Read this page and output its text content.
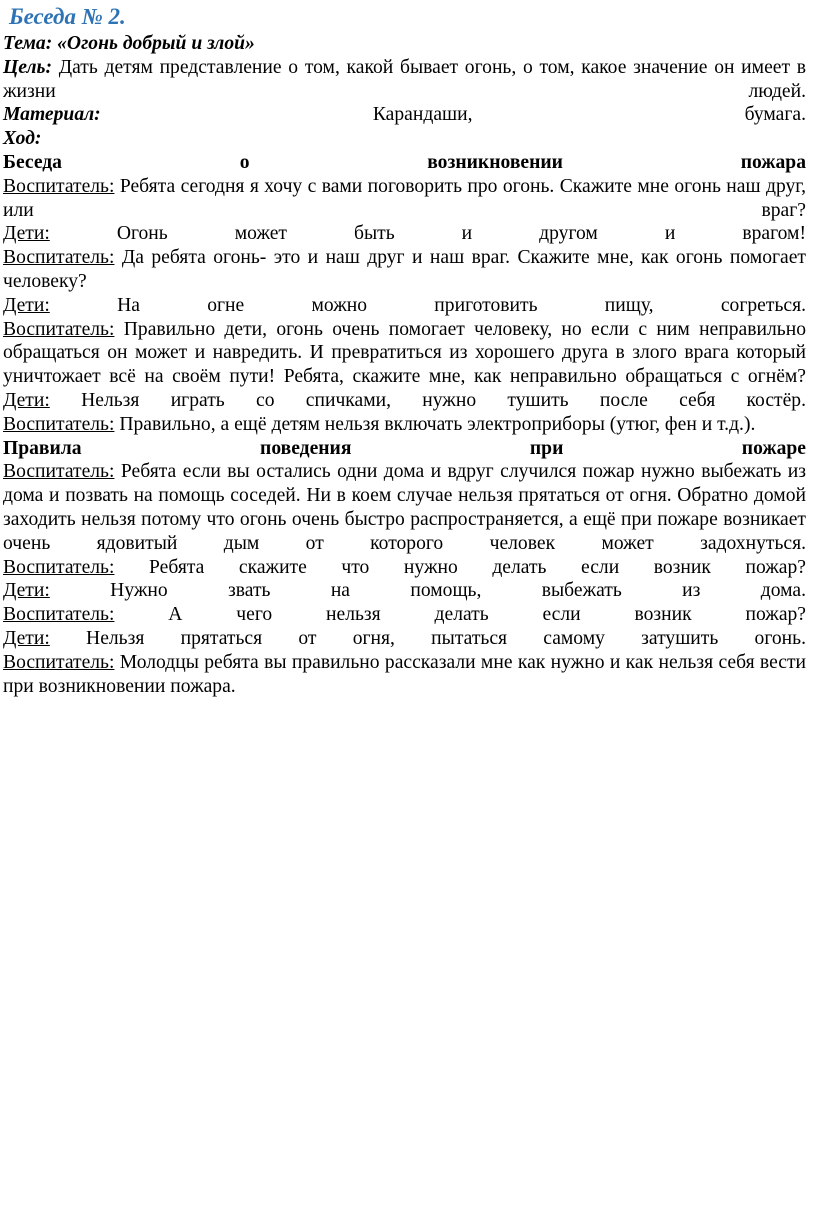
Беседа № 2.

Тема: «Огонь добрый и злой»

Цель: Дать детям представление о том, какой бывает огонь, о том, какое значение он имеет в жизни людей.

Материал:	Карандаши, бумага.

Ход:

Беседа о возникновении пожара

Воспитатель: Ребята сегодня я хочу с вами поговорить про огонь. Скажите мне огонь наш друг, или враг?

Дети:	Огонь может быть и другом и врагом!

Воспитатель: Да ребята огонь- это и наш друг и наш враг. Скажите мне, как огонь помогает человеку?

Дети:	На огне можно приготовить пищу, согреться.

Воспитатель: Правильно дети, огонь очень помогает человеку, но если с ним неправильно обращаться он может и навредить. И превратиться из хорошего друга в злого врага который уничтожает всё на своём пути! Ребята, скажите мне, как неправильно обращаться с огнём?

Дети: Нельзя играть со спичками, нужно тушить после себя костёр.

Воспитатель: Правильно, а ещё детям нельзя включать электроприборы (утюг, фен и т.д.).

Правила поведения при пожаре

Воспитатель: Ребята если вы остались одни дома и вдруг случился пожар нужно выбежать из дома и позвать на помощь соседей. Ни в коем случае нельзя прятаться от огня. Обратно домой заходить нельзя потому что огонь очень быстро распространяется, а ещё при пожаре возникает очень ядовитый дым от которого человек может задохнуться.

Воспитатель: Ребята скажите что нужно делать если возник пожар?

Дети:	Нужно звать на помощь, выбежать из дома.

Воспитатель:	А чего нельзя делать если возник пожар?

Дети: Нельзя прятаться от огня, пытаться самому затушить огонь.

Воспитатель: Молодцы ребята вы правильно рассказали мне как нужно и как нельзя себя вести при возникновении пожара.
